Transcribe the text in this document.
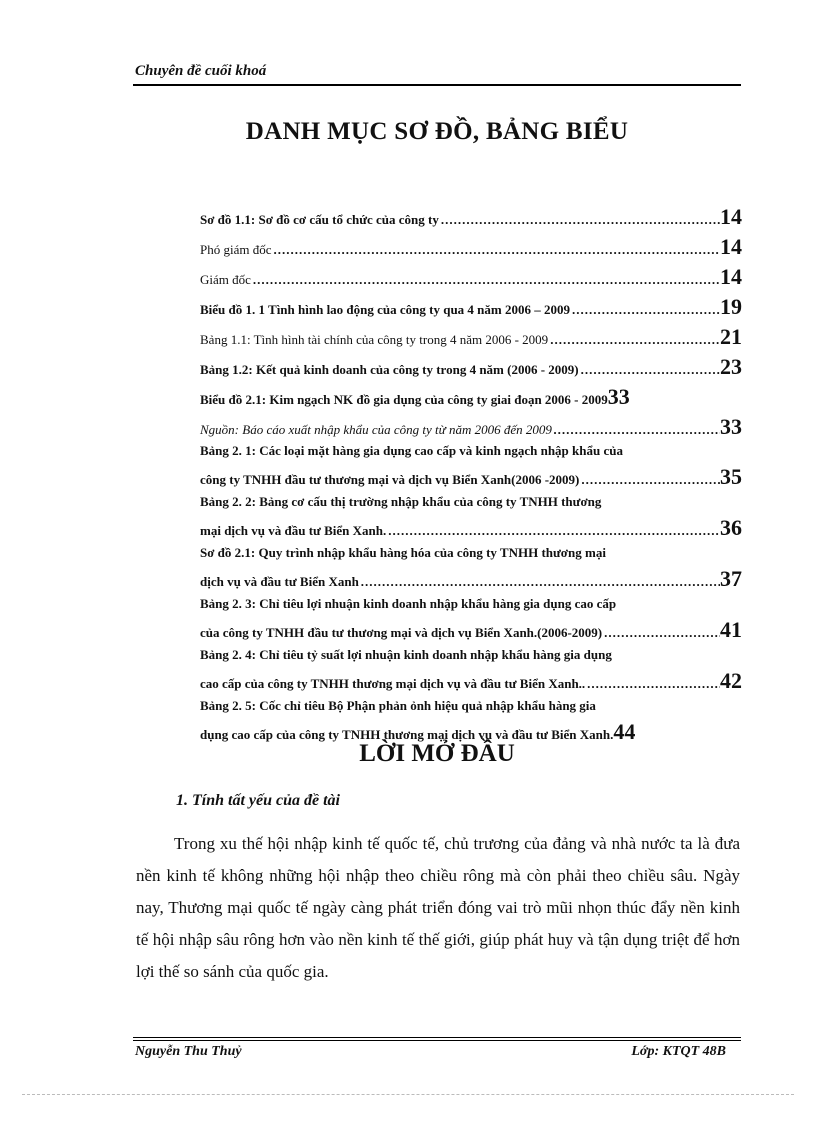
Chuyên đề cuối khoá
DANH MỤC SƠ ĐỒ, BẢNG BIỂU
Sơ đồ 1.1: Sơ đồ cơ cấu tổ chức của công ty .....	14
Phó giám đốc .....	14
Giám đốc .....	14
Biểu đồ 1. 1 Tình hình lao động của công ty qua 4 năm 2006 – 2009 .....	19
Bảng 1.1: Tình hình tài chính của công ty trong 4 năm 2006 - 2009 .....	21
Bảng 1.2: Kết quả kinh doanh của công ty trong 4 năm (2006 - 2009) .....	23
Biểu đồ 2.1: Kim ngạch NK đồ gia dụng của công ty giai đoạn 2006 - 2009 33
Nguồn: Báo cáo xuất nhập khẩu của công ty từ năm 2006 đến 2009 .....	33
Bảng 2. 1: Các loại mặt hàng gia dụng cao cấp và kinh ngạch nhập khẩu của
công ty TNHH đầu tư thương mại và dịch vụ Biển Xanh(2006 -2009) .....	35
Bảng 2. 2: Bảng cơ cấu thị trường nhập khẩu của công ty TNHH thương
mại dịch vụ và đầu tư Biển Xanh. .....	36
Sơ đồ 2.1: Quy trình nhập khẩu hàng hóa của công ty TNHH thương mại
dịch vụ và đầu tư Biển Xanh .....	37
Bảng 2. 3: Chỉ tiêu lợi nhuận kinh doanh nhập khẩu hàng gia dụng cao cấp
của công ty TNHH đầu tư thương mại và dịch vụ Biển Xanh.(2006-2009) .....	41
Bảng 2. 4: Chỉ tiêu tỷ suất lợi nhuận kinh doanh nhập khẩu hàng gia dụng
cao cấp của công ty TNHH thương mại dịch vụ và đầu tư Biển Xanh.. .....	42
Bảng 2. 5: Cốc chỉ tiêu Bộ Phận phản ỏnh hiệu quả nhập khẩu hàng gia
dụng cao cấp của công ty TNHH thương mại dịch vụ và đầu tư Biển Xanh. 44
LỜI MỞ ĐẦU
1. Tính tất yếu của đề tài
Trong xu thế hội nhập kinh tế quốc tế, chủ trương của đảng và nhà nước ta là đưa nền kinh tế không những hội nhập theo chiều rông mà còn phải theo chiều sâu. Ngày nay, Thương mại quốc tế ngày càng phát triển đóng vai trò mũi nhọn thúc đẩy nền kinh tế hội nhập sâu rông hơn vào nền kinh tế thế giới, giúp phát huy và tận dụng triệt để hơn lợi thế so sánh của quốc gia.
Nguyễn Thu Thuỷ	Lớp: KTQT 48B
